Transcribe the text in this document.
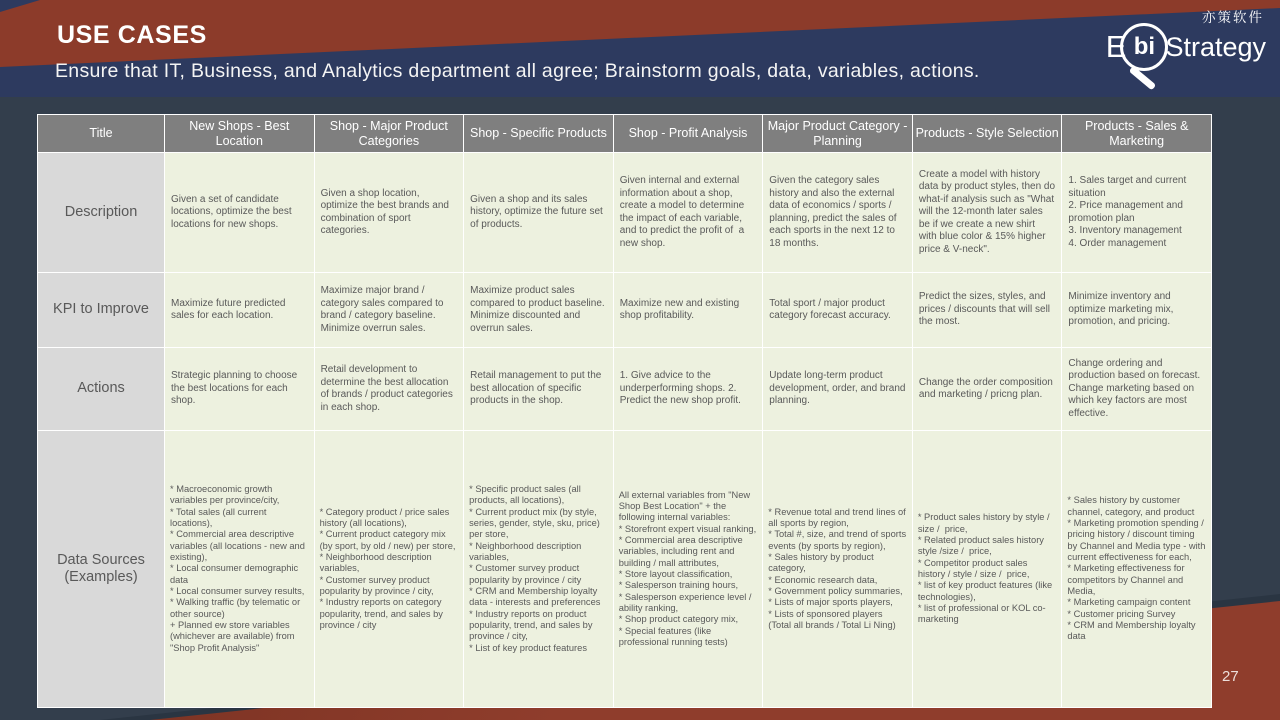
USE CASES
Ensure that IT, Business, and Analytics department all agree; Brainstorm goals, data, variables, actions.
亦策软件
E bi Strategy
27
Title
New Shops - Best Location
Shop - Major Product Categories
Shop - Specific Products	Shop - Profit Analysis
Major Product Category - Planning
Products - Style Selection
Products - Sales & Marketing
Description
Given a set of candidate locations, optimize the best locations for new shops.
Given a shop location, optimize the best brands and combination of sport categories.
Given a shop and its sales history, optimize the future set of products.
Given internal and external information about a shop, create a model to determine the impact of each variable, and to predict the profit of  a new shop.
Given the category sales history and also the external data of economics / sports / planning, predict the sales of each sports in the next 12 to 18 months.
Create a model with history data by product styles, then do what-if analysis such as "What will the 12-month later sales be if we create a new shirt with blue color & 15% higher price & V-neck".
1. Sales target and current situation
2. Price management and promotion plan
3. Inventory management
4. Order management
KPI to Improve	Maximize future predicted sales for each location.
Maximize major brand / category sales compared to brand / category baseline. Minimize overrun sales.
Maximize product sales compared to product baseline.  Minimize discounted and overrun sales.
Maximize new and existing shop profitability.
Total sport / major product category forecast accuracy.
Predict the sizes, styles, and prices / discounts that will sell the most.
Minimize inventory and optimize marketing mix, promotion, and pricing.
Actions
Strategic planning to choose the best locations for each shop.
Retail development to determine the best allocation of brands / product categories in each shop.
Retail management to put the best allocation of specific products in the shop.
1. Give advice to the underperforming shops. 2. Predict the new shop profit.
Update long-term product development, order, and brand planning.
Change the order composition and marketing / pricng plan.
Change ordering and production based on forecast.  Change marketing based on which key factors are most effective.
Data Sources (Examples)
* Macroeconomic growth variables per province/city,
* Total sales (all current locations),
* Commercial area descriptive variables (all locations - new and existing),
* Local consumer demographic data
* Local consumer survey results,
* Walking traffic (by telematic or other source)
+ Planned ew store variables (whichever are available) from "Shop Profit Analysis"
* Category product / price sales history (all locations),
* Current product category mix (by sport, by old / new) per store,
* Neighborhood description variables,
* Customer survey product popularity by province / city,
* Industry reports on category popularity, trend, and sales by province / city
* Specific product sales (all products, all locations),
* Current product mix (by style, series, gender, style, sku, price) per store,
* Neighborhood description variables,
* Customer survey product popularity by province / city
* CRM and Membership loyalty data - interests and preferences
* Industry reports on product popularity, trend, and sales by province / city,
* List of key product features
All external variables from "New Shop Best Location" + the following internal variables:
* Storefront expert visual ranking,
* Commercial area descriptive variables, including rent and building / mall attributes,
* Store layout classification,
* Salesperson training hours,
* Salesperson experience level / ability ranking,
* Shop product category mix,
* Special features (like professional running tests)
* Revenue total and trend lines of all sports by region,
* Total #, size, and trend of sports events (by sports by region),
* Sales history by product category,
* Economic research data,
* Government policy summaries,
* Lists of major sports players,
* Lists of sponsored players (Total all brands / Total Li Ning)
* Product sales history by style / size /  price,
* Related product sales history style /size /  price,
* Competitor product sales history / style / size /  price,
* list of key product features (like  technologies),
* list of professional or KOL co-marketing
* Sales history by customer channel, category, and product
* Marketing promotion spending / pricing history / discount timing by Channel and Media type - with current effectiveness for each,
* Marketing effectiveness for competitors by Channel and Media,
* Marketing campaign content
* Customer pricing Survey
* CRM and Membership loyalty data
